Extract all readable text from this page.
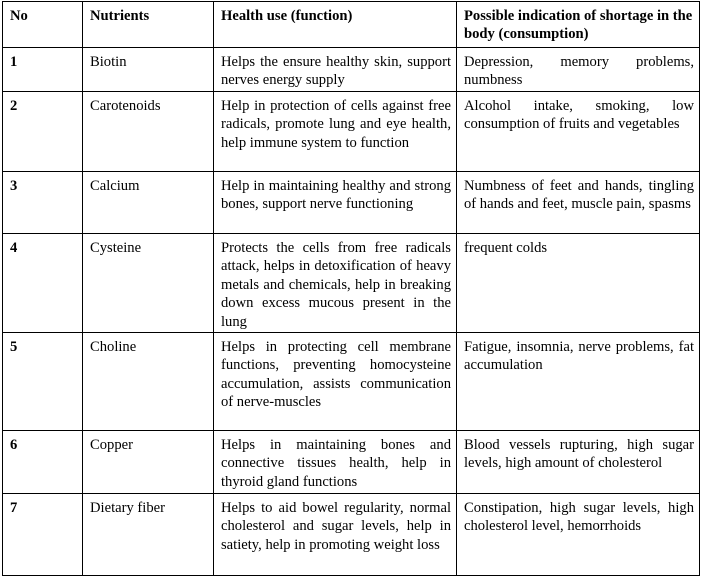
No	Nutrients	Health use (function)	Possible indication of shortage in the body (consumption)
1	Biotin	Helps the ensure healthy skin, support nerves energy supply	Depression, memory problems, numbness
2	Carotenoids	Help in protection of cells against free radicals, promote lung and eye health, help immune system to function	Alcohol intake, smoking, low consumption of fruits and vegetables
3	Calcium	Help in maintaining healthy and strong bones, support nerve functioning	Numbness of feet and hands, tingling of hands and feet, muscle pain, spasms
4	Cysteine	Protects the cells from free radicals attack, helps in detoxification of heavy metals and chemicals, help in breaking down excess mucous present in the lung	frequent colds
5	Choline	Helps in protecting cell membrane functions, preventing homocysteine accumulation, assists communication of nerve-muscles	Fatigue, insomnia, nerve problems, fat accumulation
6	Copper	Helps in maintaining bones and connective tissues health, help in thyroid gland functions	Blood vessels rupturing, high sugar levels, high amount of cholesterol
7	Dietary fiber	Helps to aid bowel regularity, normal cholesterol and sugar levels, help in satiety, help in promoting weight loss	Constipation, high sugar levels, high cholesterol level, hemorrhoids
